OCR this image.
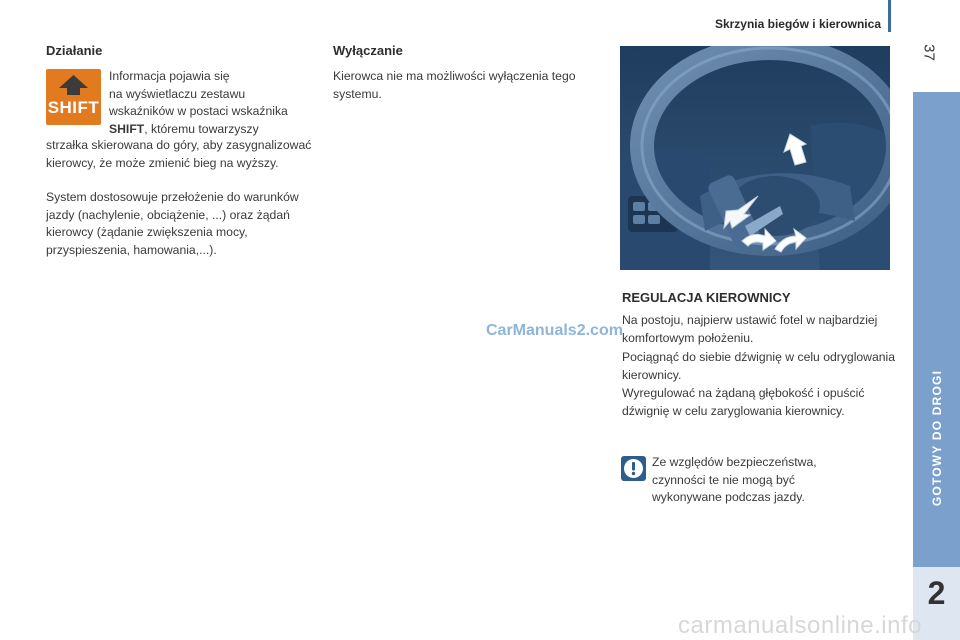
Skrzynia biegów i kierownica
37
GOTOWY DO DROGI
2
Działanie
SHIFT

Informacja pojawia się

na wyświetlaczu zestawu

wskaźników w postaci wskaźnika

SHIFT, któremu towarzyszy

strzałka skierowana do góry, aby zasygnalizować kierowcy, że może zmienić bieg na wyższy.

System dostosowuje przełożenie do warunków jazdy (nachylenie, obciążenie, ...) oraz żądań kierowcy (żądanie zwiększenia mocy, przyspieszenia, hamowania,...).

Wyłączanie

Kierowca nie ma możliwości wyłączenia tego systemu.

REGULACJA KIEROWNICY

Na postoju, najpierw ustawić fotel w najbardziej komfortowym położeniu.

Pociągnąć do siebie dźwignię w celu odryglowania kierownicy.

Wyregulować na żądaną głębokość i opuścić dźwignię w celu zaryglowania kierownicy.

Ze względów bezpieczeństwa, czynności te nie mogą być wykonywane podczas jazdy.

CarManuals2.com
carmanualsonline.info
